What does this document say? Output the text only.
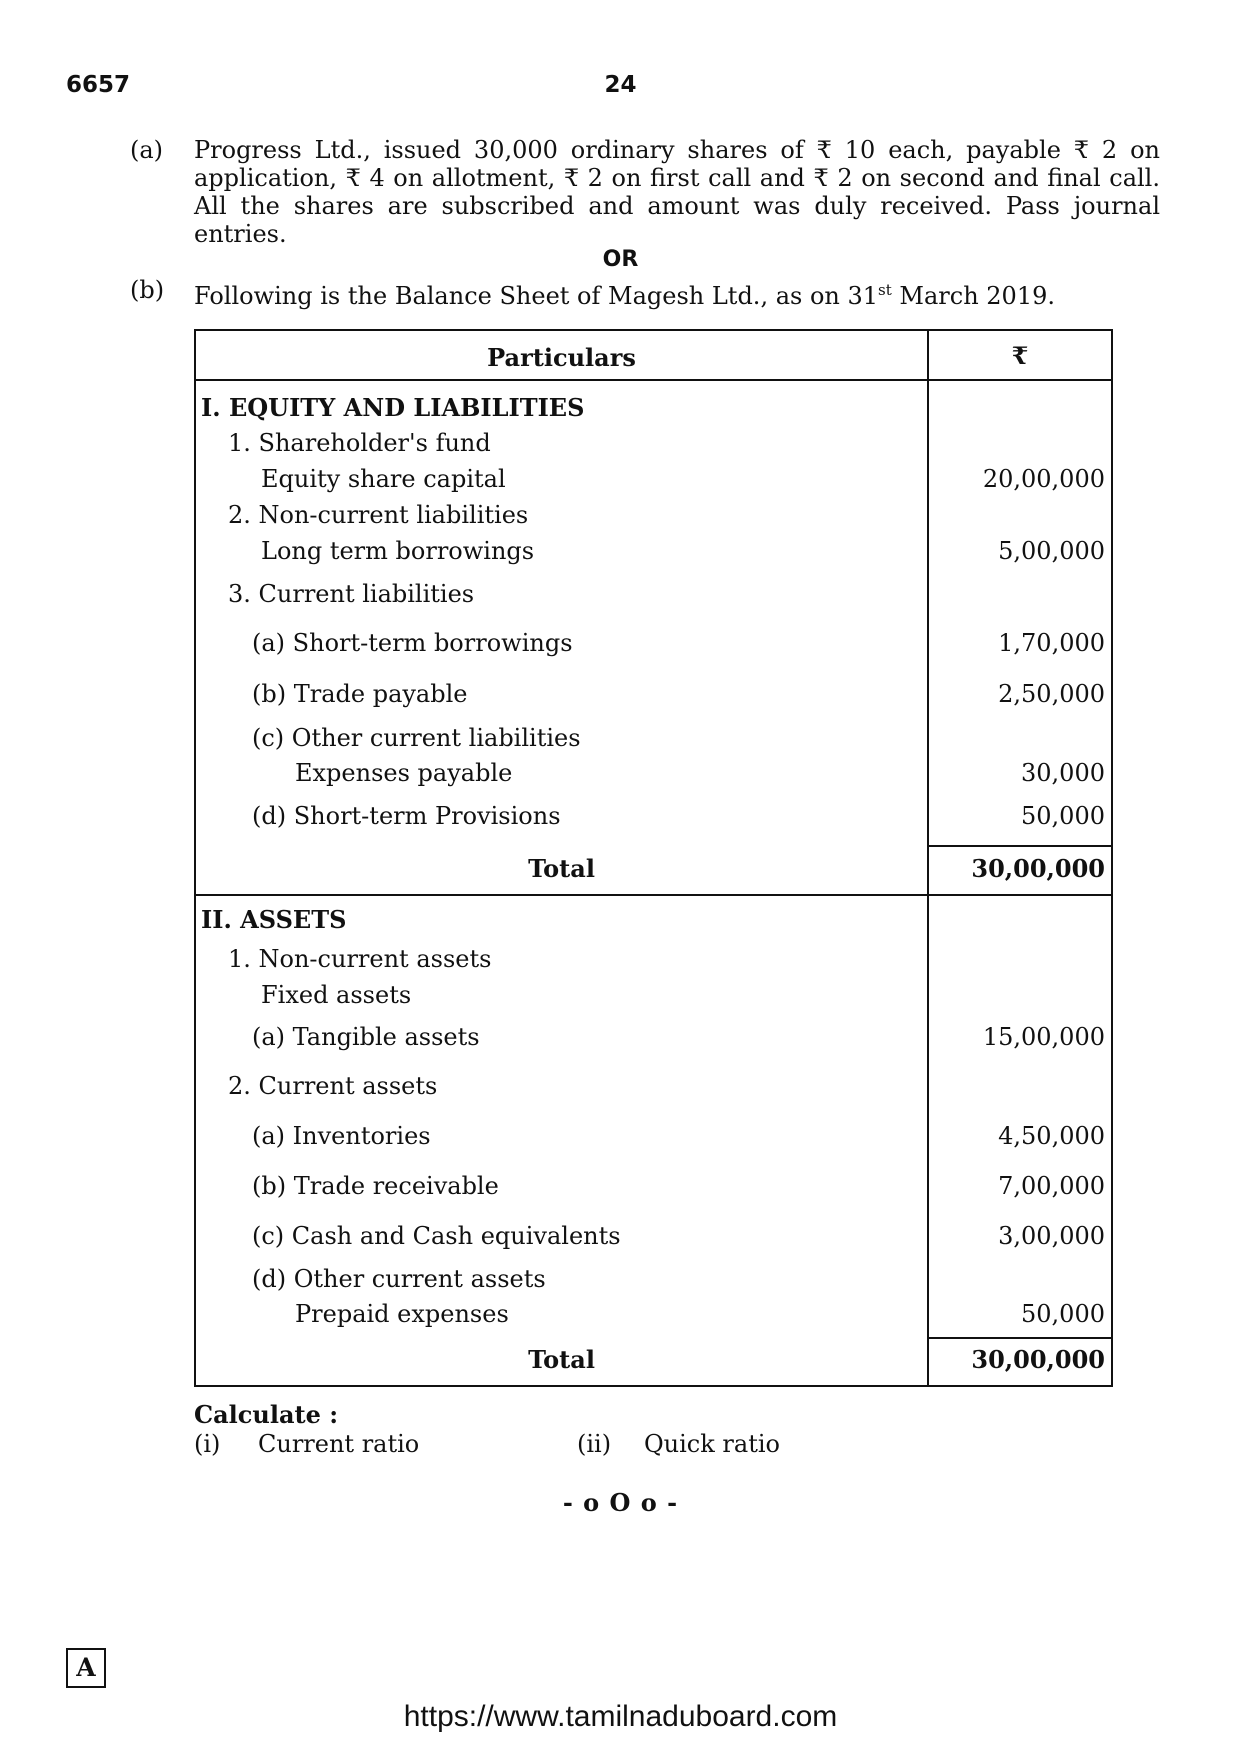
6657	24
(a) Progress Ltd., issued 30,000 ordinary shares of ₹ 10 each, payable ₹ 2 on application, ₹ 4 on allotment, ₹ 2 on first call and ₹ 2 on second and final call. All the shares are subscribed and amount was duly received. Pass journal entries.
OR
(b) Following is the Balance Sheet of Magesh Ltd., as on 31st March 2019.
Particulars	₹
I. EQUITY AND LIABILITIES
1. Shareholder's fund
Equity share capital	20,00,000
2. Non-current liabilities
Long term borrowings	5,00,000
3. Current liabilities
(a) Short-term borrowings	1,70,000
(b) Trade payable	2,50,000
(c) Other current liabilities
Expenses payable	30,000
(d) Short-term Provisions	50,000
Total	30,00,000
II. ASSETS
1. Non-current assets
Fixed assets
(a) Tangible assets	15,00,000
2. Current assets
(a) Inventories	4,50,000
(b) Trade receivable	7,00,000
(c) Cash and Cash equivalents	3,00,000
(d) Other current assets
Prepaid expenses	50,000
Total	30,00,000
Calculate :
(i) Current ratio	(ii) Quick ratio
- o O o -
A
https://www.tamilnaduboard.com
